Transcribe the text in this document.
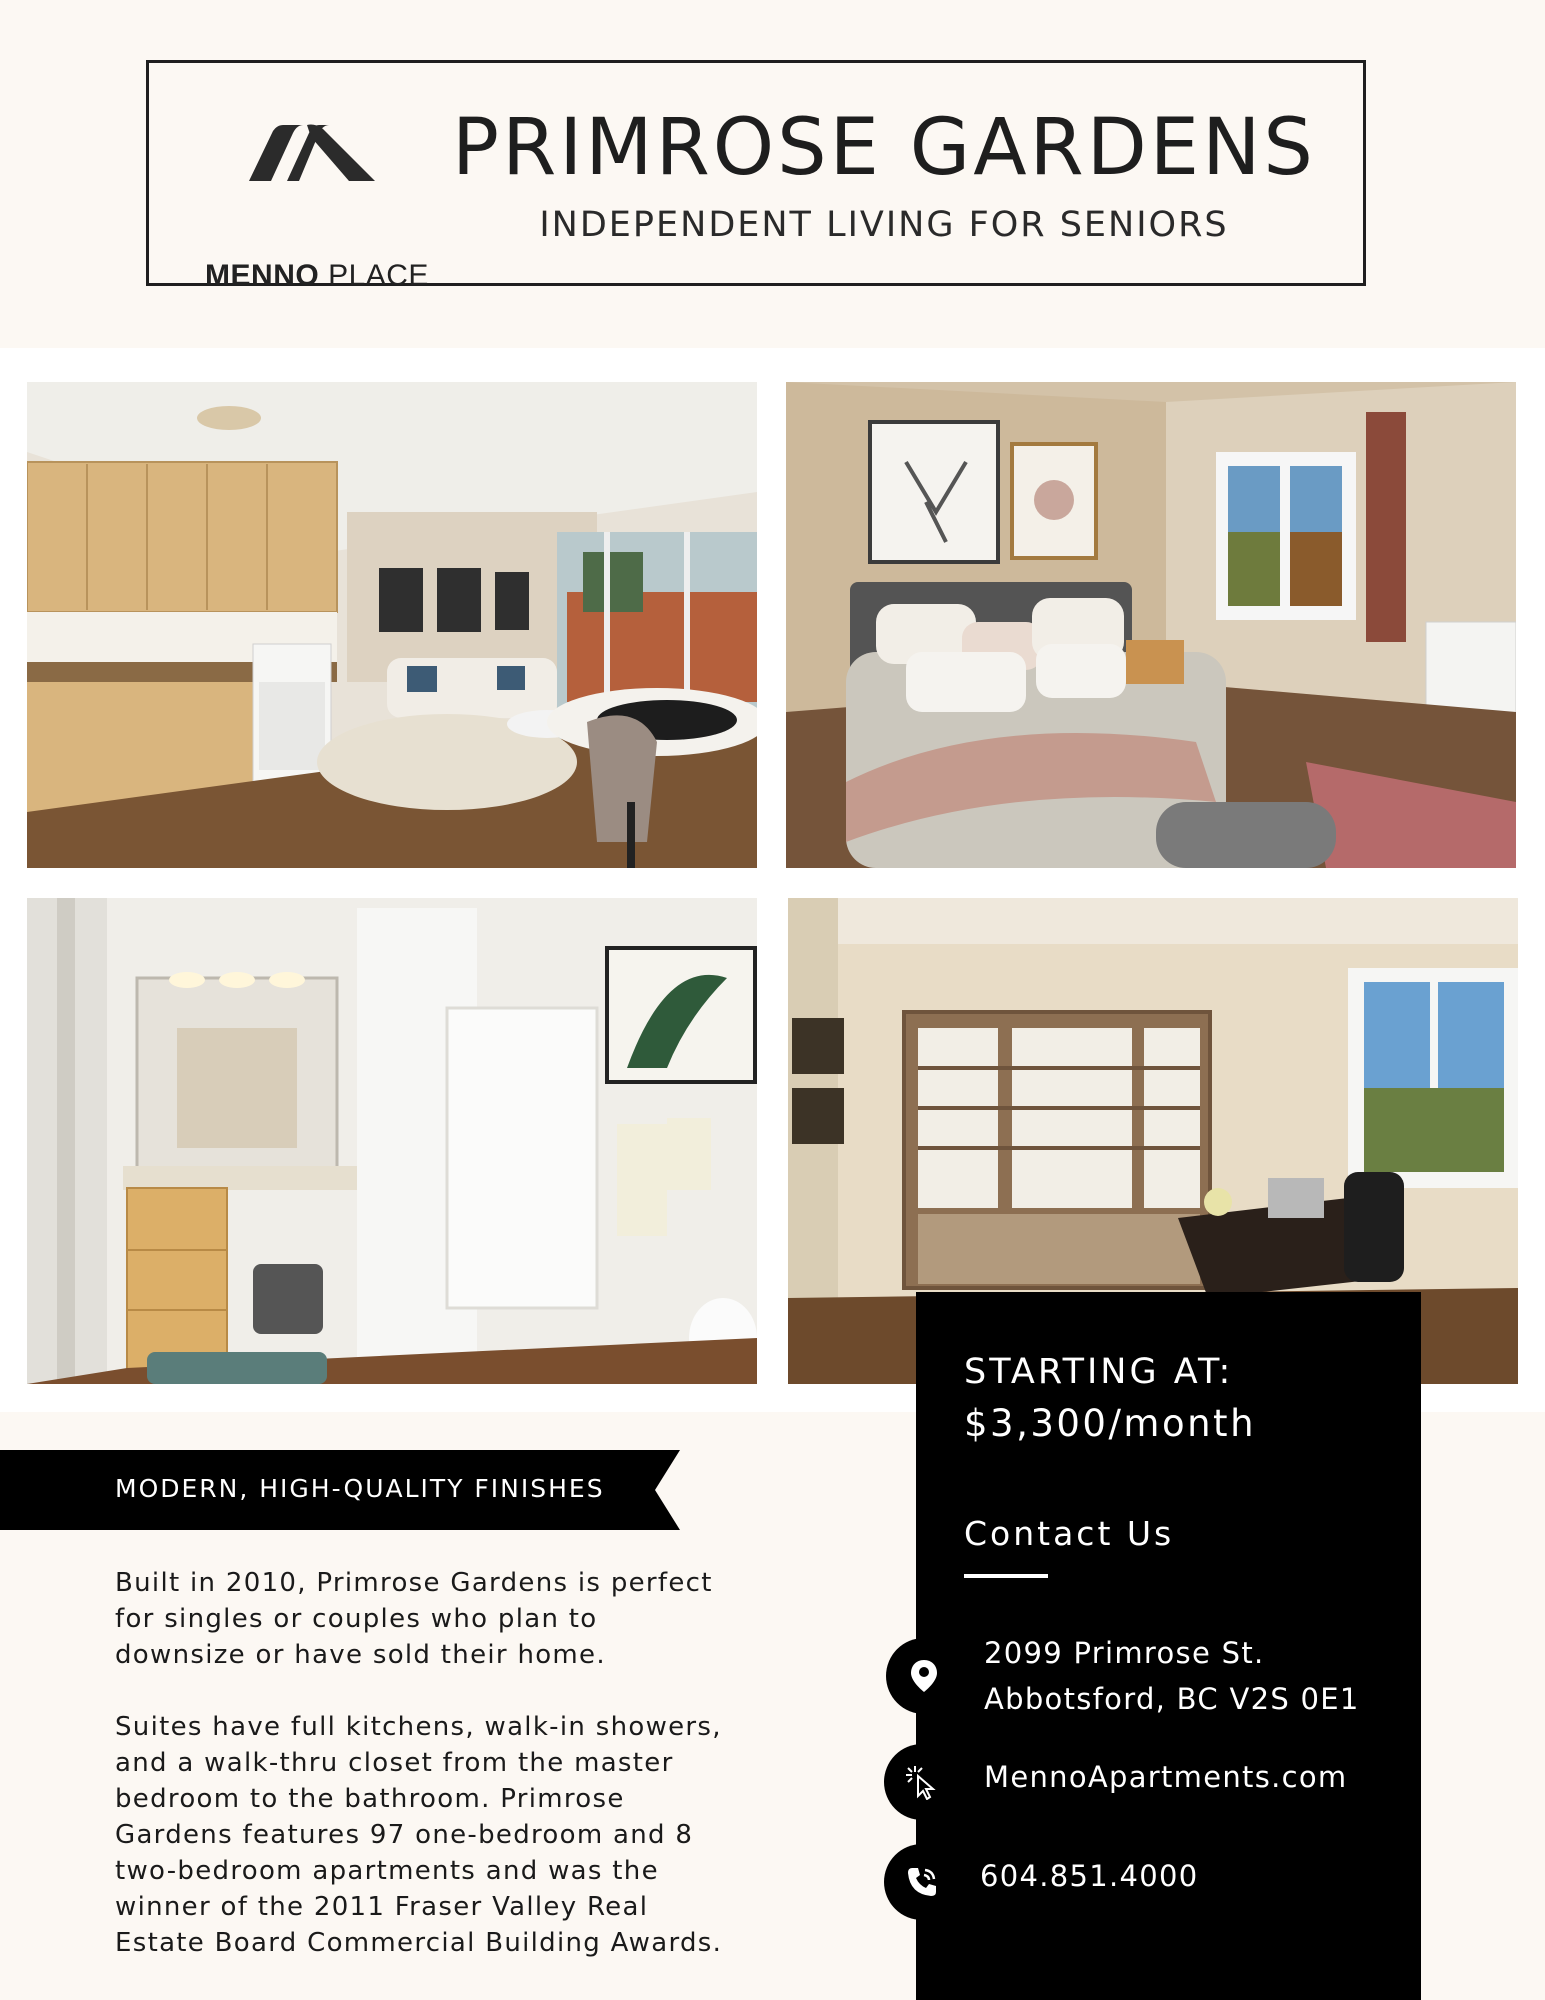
MENNO PLACE
PRIMROSE GARDENS
INDEPENDENT LIVING FOR SENIORS
MODERN, HIGH-QUALITY FINISHES

Built in 2010, Primrose Gardens is perfect for singles or couples who plan to downsize or have sold their home.

Suites have full kitchens, walk-in showers, and a walk-thru closet from the master bedroom to the bathroom. Primrose Gardens features 97 one-bedroom and 8 two-bedroom apartments and was the winner of the 2011 Fraser Valley Real Estate Board Commercial Building Awards.

STARTING AT:
$3,300/month
Contact Us
2099 Primrose St.
Abbotsford, BC V2S 0E1
MennoApartments.com
604.851.4000
